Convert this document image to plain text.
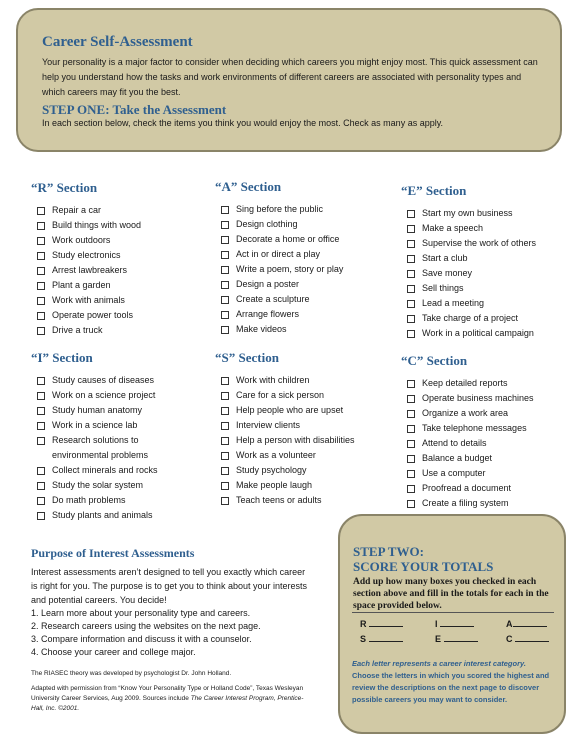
Career Self-Assessment
Your personality is a major factor to consider when deciding which careers you might enjoy most. This quick assessment can help you understand how the tasks and work environments of different careers are associated with personality types and which careers may fit you the best.
STEP ONE: Take the Assessment
In each section below, check the items you think you would enjoy the most. Check as many as apply.
“R” Section
Repair a car
Build things with wood
Work outdoors
Study electronics
Arrest lawbreakers
Plant a garden
Work with animals
Operate power tools
Drive a truck
“A” Section
Sing before the public
Design clothing
Decorate a home or office
Act in or direct a play
Write a poem, story or play
Design a poster
Create a sculpture
Arrange flowers
Make videos
“E” Section
Start my own business
Make a speech
Supervise the work of others
Start a club
Save money
Sell things
Lead a meeting
Take charge of a project
Work in a political campaign
“I” Section
Study causes of diseases
Work on a science project
Study human anatomy
Work in a science lab
Research solutions to environmental problems
Collect minerals and rocks
Study the solar system
Do math problems
Study plants and animals
“S” Section
Work with children
Care for a sick person
Help people who are upset
Interview clients
Help a person with disabilities
Work as a volunteer
Study psychology
Make people laugh
Teach teens or adults
“C” Section
Keep detailed reports
Operate business machines
Organize a work area
Take telephone messages
Attend to details
Balance a budget
Use a computer
Proofread a document
Create a filing system
Purpose of Interest Assessments
Interest assessments aren’t designed to tell you exactly which career is right for you. The purpose is to get you to think about your interests and potential careers. You decide!
1. Learn more about your personality type and careers.
2. Research careers using the websites on the next page.
3. Compare information and discuss it with a counselor.
4. Choose your career and college major.
The RIASEC theory was developed by psychologist Dr. John Holland.
Adapted with permission from “Know Your Personality Type or Holland Code”, Texas Wesleyan University Career Services, Aug 2009. Sources include The Career Interest Program, Prentice-Hall, Inc. ©2001.
STEP TWO:
SCORE YOUR TOTALS
Add up how many boxes you checked in each section above and fill in the totals for each in the space provided below.
R	I	A
S	E	C
Each letter represents a career interest category.
Choose the letters in which you scored the highest and review the descriptions on the next page to discover possible careers you may want to consider.
